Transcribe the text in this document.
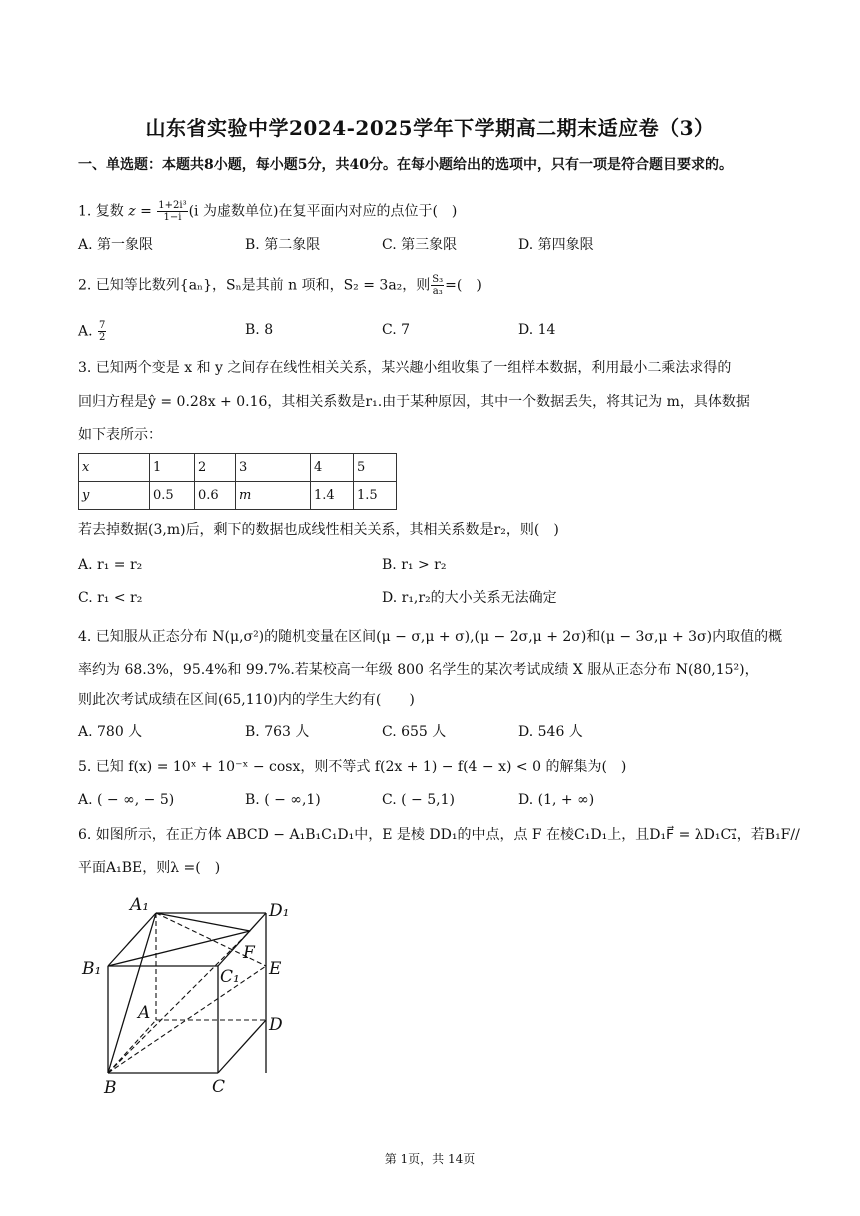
山东省实验中学2024-2025学年下学期高二期末适应卷（3）
一、单选题：本题共8小题，每小题5分，共40分。在每小题给出的选项中，只有一项是符合题目要求的。
1. 复数 $z = \frac{\text{1+2i³}}{1-i} (i$ 为虚数单位)在复平面内对应的点位于(　)
A. 第一象限	B. 第二象限	C. 第三象限	D. 第四象限
2. 已知等比数列{aₙ}，Sₙ是其前 n 项和，S₂ = 3a₂，则 $\frac{\text{S₃}}{\text{a₃}}$ =(　)
A. $\frac{7}{2}$	B. 8	C. 7	D. 14
3. 已知两个变是 x 和 y 之间存在线性相关关系，某兴趣小组收集了一组样本数据，利用最小二乘法求得的
回归方程是ŷ = 0.28x + 0.16，其相关系数是r₁.由于某种原因，其中一个数据丢失，将其记为 m，具体数据
如下表所示：
x	1	2	3	4	5
y	0.5	0.6	m	1.4	1.5
若去掉数据(3,m)后，剩下的数据也成线性相关关系，其相关系数是r₂，则(　)
A. r₁ = r₂	B. r₁ > r₂
C. r₁ < r₂	D. r₁,r₂的大小关系无法确定
4. 已知服从正态分布 N(μ,σ²)的随机变量在区间(μ − σ,μ + σ),(μ − 2σ,μ + 2σ)和(μ − 3σ,μ + 3σ)内取值的概
率约为 68.3%，95.4%和 99.7%.若某校高一年级 800 名学生的某次考试成绩 X 服从正态分布 N(80,15²)，
则此次考试成绩在区间(65,110)内的学生大约有(　　)
A. 780 人	B. 763 人	C. 655 人	D. 546 人
5. 已知 f(x) = 10ˣ + 10⁻ˣ − cosx，则不等式 f(2x + 1) − f(4 − x) < 0 的解集为(　)
A. ( − ∞, − 5)	B. ( − ∞,1)	C. ( − 5,1)	D. (1, + ∞)
6. 如图所示，在正方体 ABCD − A₁B₁C₁D₁中，E 是棱 DD₁的中点，点 F 在棱C₁D₁上，且D₁F⃗ = λD₁C₁⃗，若B₁F//
平面A₁BE，则λ =(　)
A₁	D₁
B₁	C₁
F
E
A
D
B	C
第 1页，共 14页
